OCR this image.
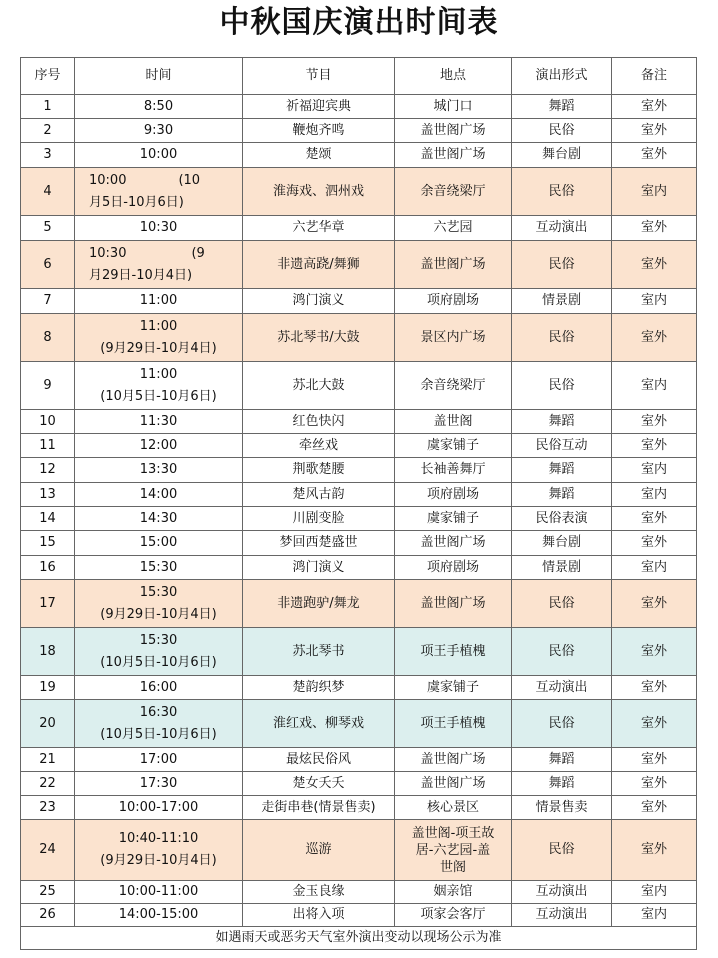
中秋国庆演出时间表
序号	时间	节目	地点	演出形式	备注
1	8:50	祈福迎宾典	城门口	舞蹈	室外
2	9:30	鞭炮齐鸣	盖世阁广场	民俗	室外
3	10:00	楚颂	盖世阁广场	舞台剧	室外
4	10:00　　　　(10
月5日-10月6日)	淮海戏、泗州戏	余音绕梁厅	民俗	室内
5	10:30	六艺华章	六艺园	互动演出	室外
6	10:30　　　　　(9
月29日-10月4日)	非遗高跷/舞狮	盖世阁广场	民俗	室外
7	11:00	鸿门演义	项府剧场	情景剧	室内
8	11:00
(9月29日-10月4日)	苏北琴书/大鼓	景区内广场	民俗	室外
9	11:00
(10月5日-10月6日)	苏北大鼓	余音绕梁厅	民俗	室内
10	11:30	红色快闪	盖世阁	舞蹈	室外
11	12:00	牵丝戏	虞家铺子	民俗互动	室外
12	13:30	荆歌楚腰	长袖善舞厅	舞蹈	室内
13	14:00	楚风古韵	项府剧场	舞蹈	室内
14	14:30	川剧变脸	虞家铺子	民俗表演	室外
15	15:00	梦回西楚盛世	盖世阁广场	舞台剧	室外
16	15:30	鸿门演义	项府剧场	情景剧	室内
17	15:30
(9月29日-10月4日)	非遗跑驴/舞龙	盖世阁广场	民俗	室外
18	15:30
(10月5日-10月6日)	苏北琴书	项王手植槐	民俗	室外
19	16:00	楚韵织梦	虞家铺子	互动演出	室外
20	16:30
(10月5日-10月6日)	淮红戏、柳琴戏	项王手植槐	民俗	室外
21	17:00	最炫民俗风	盖世阁广场	舞蹈	室外
22	17:30	楚女夭夭	盖世阁广场	舞蹈	室外
23	10:00-17:00	走街串巷(情景售卖)	核心景区	情景售卖	室外
24	10:40-11:10
(9月29日-10月4日)	巡游	盖世阁-项王故
居-六艺园-盖
世阁	民俗	室外
25	10:00-11:00	金玉良缘	姻亲馆	互动演出	室内
26	14:00-15:00	出将入项	项家会客厅	互动演出	室内
如遇雨天或恶劣天气室外演出变动以现场公示为准					
